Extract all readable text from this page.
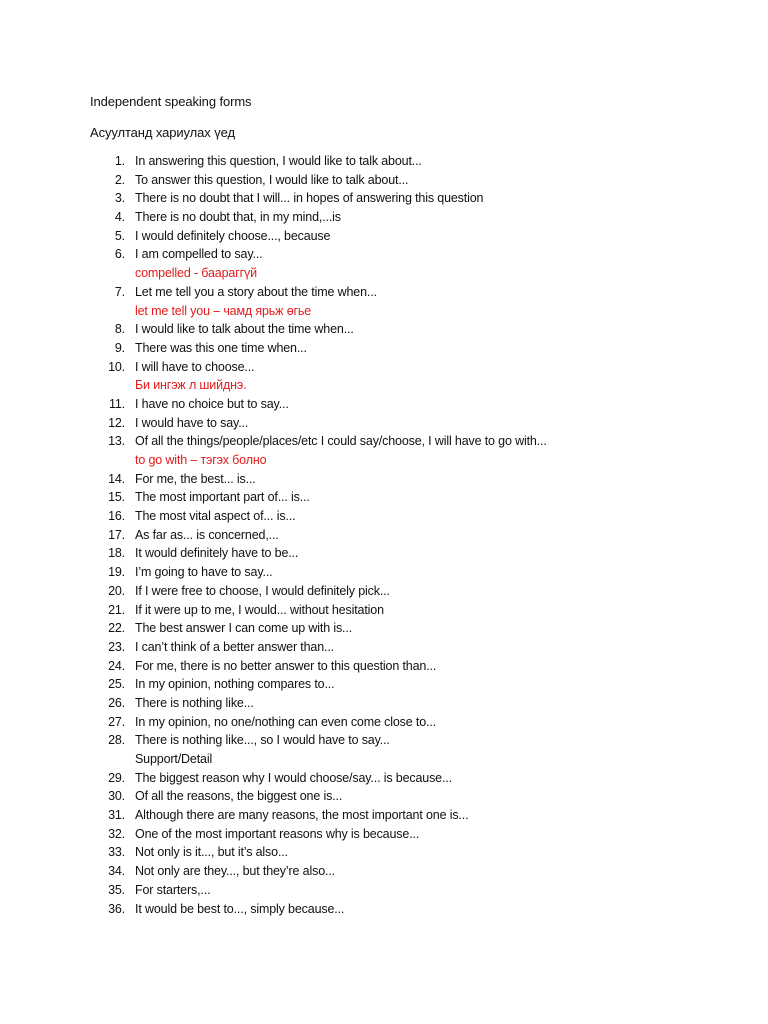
Independent speaking forms
Асуултанд хариулах үед
1. In answering this question, I would like to talk about...
2. To answer this question, I would like to talk about...
3. There is no doubt that I will... in hopes of answering this question
4. There is no doubt that, in my mind,...is
5. I would definitely choose..., because
6. I am compelled to say...
compelled - баараггүй
7. Let me tell you a story about the time when...
let me tell you – чамд ярьж өгье
8. I would like to talk about the time when...
9. There was this one time when...
10. I will have to choose...
Би ингэж л шийднэ.
11. I have no choice but to say...
12. I would have to say...
13. Of all the things/people/places/etc I could say/choose, I will have to go with...
to go with – тэгэх болно
14. For me, the best... is...
15. The most important part of... is...
16. The most vital aspect of... is...
17. As far as... is concerned,...
18. It would definitely have to be...
19. I’m going to have to say...
20. If I were free to choose, I would definitely pick...
21. If it were up to me, I would... without hesitation
22. The best answer I can come up with is...
23. I can’t think of a better answer than...
24. For me, there is no better answer to this question than...
25. In my opinion, nothing compares to...
26. There is nothing like...
27. In my opinion, no one/nothing can even come close to...
28. There is nothing like..., so I would have to say...
Support/Detail
29. The biggest reason why I would choose/say... is because...
30. Of all the reasons, the biggest one is...
31. Although there are many reasons, the most important one is...
32. One of the most important reasons why is because...
33. Not only is it..., but it’s also...
34. Not only are they..., but they’re also...
35. For starters,...
36. It would be best to..., simply because...
